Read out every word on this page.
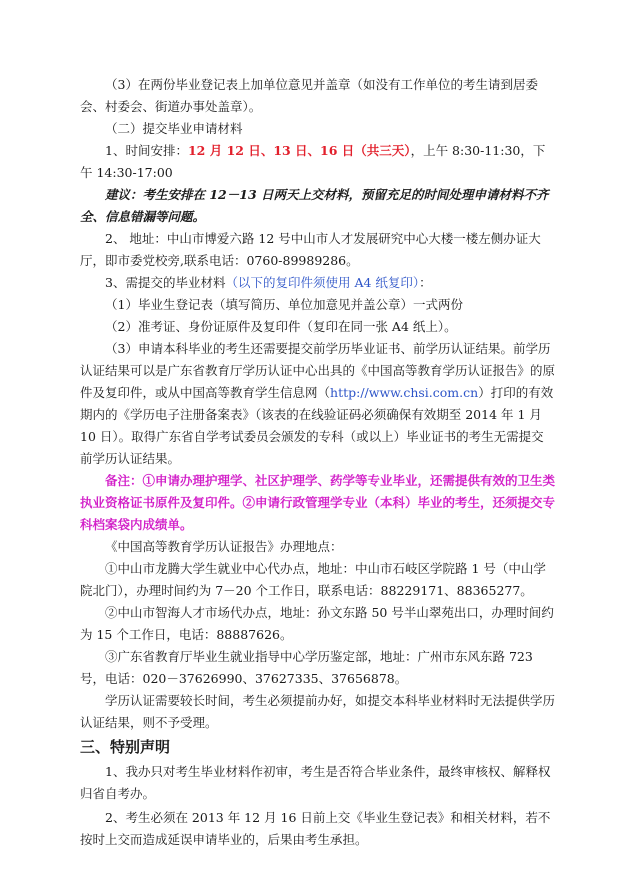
（3）在两份毕业登记表上加单位意见并盖章（如没有工作单位的考生请到居委会、村委会、街道办事处盖章）。

（二）提交毕业申请材料

1、时间安排：12 月 12 日、13 日、16 日（共三天），上午 8:30-11:30，下午 14:30-17:00

建议：考生安排在 12－13 日两天上交材料，预留充足的时间处理申请材料不齐全、信息错漏等问题。

2、 地址：中山市博爱六路 12 号中山市人才发展研究中心大楼一楼左侧办证大厅，即市委党校旁,联系电话：0760-89989286。

3、需提交的毕业材料（以下的复印件须使用 A4 纸复印）：

（1）毕业生登记表（填写简历、单位加意见并盖公章）一式两份

（2）准考证、身份证原件及复印件（复印在同一张 A4 纸上）。

（3）申请本科毕业的考生还需要提交前学历毕业证书、前学历认证结果。前学历认证结果可以是广东省教育厅学历认证中心出具的《中国高等教育学历认证报告》的原件及复印件，或从中国高等教育学生信息网（http://www.chsi.com.cn）打印的有效期内的《学历电子注册备案表》（该表的在线验证码必须确保有效期至 2014 年 1 月 10 日）。取得广东省自学考试委员会颁发的专科（或以上）毕业证书的考生无需提交前学历认证结果。

备注：①申请办理护理学、社区护理学、药学等专业毕业，还需提供有效的卫生类执业资格证书原件及复印件。②申请行政管理学专业（本科）毕业的考生，还须提交专科档案袋内成绩单。

《中国高等教育学历认证报告》办理地点：

①中山市龙腾大学生就业中心代办点，地址：中山市石岐区学院路 1 号（中山学院北门），办理时间约为 7－20 个工作日，联系电话：88229171、88365277。

②中山市智海人才市场代办点，地址：孙文东路 50 号半山翠苑出口，办理时间约为 15 个工作日，电话：88887626。

③广东省教育厅毕业生就业指导中心学历鉴定部，地址：广州市东风东路 723 号，电话：020－37626990、37627335、37656878。

学历认证需要较长时间，考生必须提前办好，如提交本科毕业材料时无法提供学历认证结果，则不予受理。

三、特别声明

1、我办只对考生毕业材料作初审，考生是否符合毕业条件，最终审核权、解释权归省自考办。

2、考生必须在 2013 年 12 月 16 日前上交《毕业生登记表》和相关材料，若不按时上交而造成延误申请毕业的，后果由考生承担。
